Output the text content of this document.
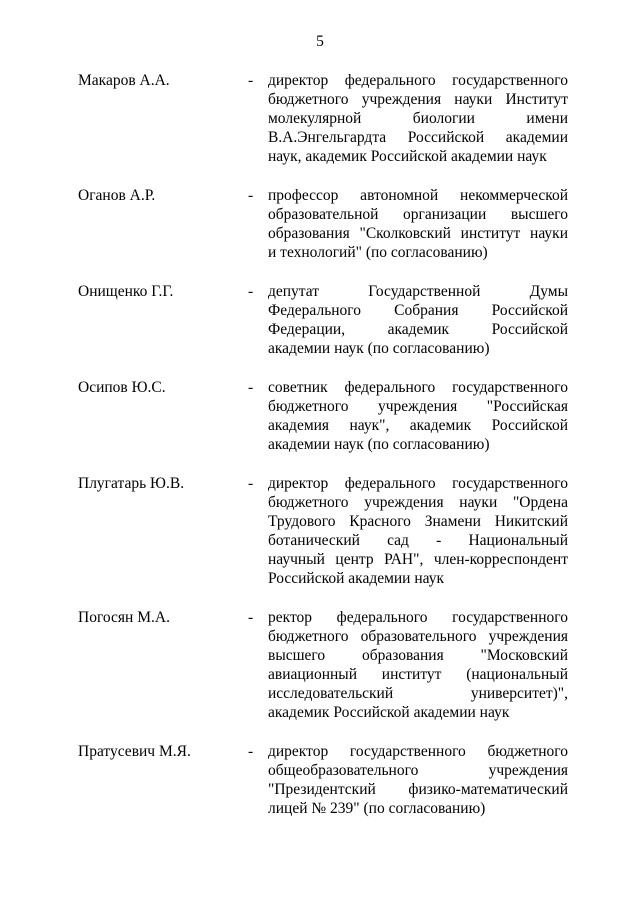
5
Макаров А.А.	- директор федерального государственного
бюджетного учреждения науки Институт
молекулярной биологии имени
В.А.Энгельгардта Российской академии
наук, академик Российской академии наук
Оганов А.Р.	- профессор автономной некоммерческой
образовательной организации высшего
образования "Сколковский институт науки
и технологий" (по согласованию)
Онищенко Г.Г.	- депутат Государственной Думы
Федерального Собрания Российской
Федерации, академик Российской
академии наук (по согласованию)
Осипов Ю.С.	- советник федерального государственного
бюджетного учреждения "Российская
академия наук", академик Российской
академии наук (по согласованию)
Плугатарь Ю.В.	- директор федерального государственного
бюджетного учреждения науки "Ордена
Трудового Красного Знамени Никитский
ботанический сад - Национальный
научный центр РАН", член-корреспондент
Российской академии наук
Погосян М.А.	- ректор федерального государственного
бюджетного образовательного учреждения
высшего образования "Московский
авиационный институт (национальный
исследовательский университет)",
академик Российской академии наук
Пратусевич М.Я.	- директор государственного бюджетного
общеобразовательного учреждения
"Президентский физико-математический
лицей № 239" (по согласованию)
